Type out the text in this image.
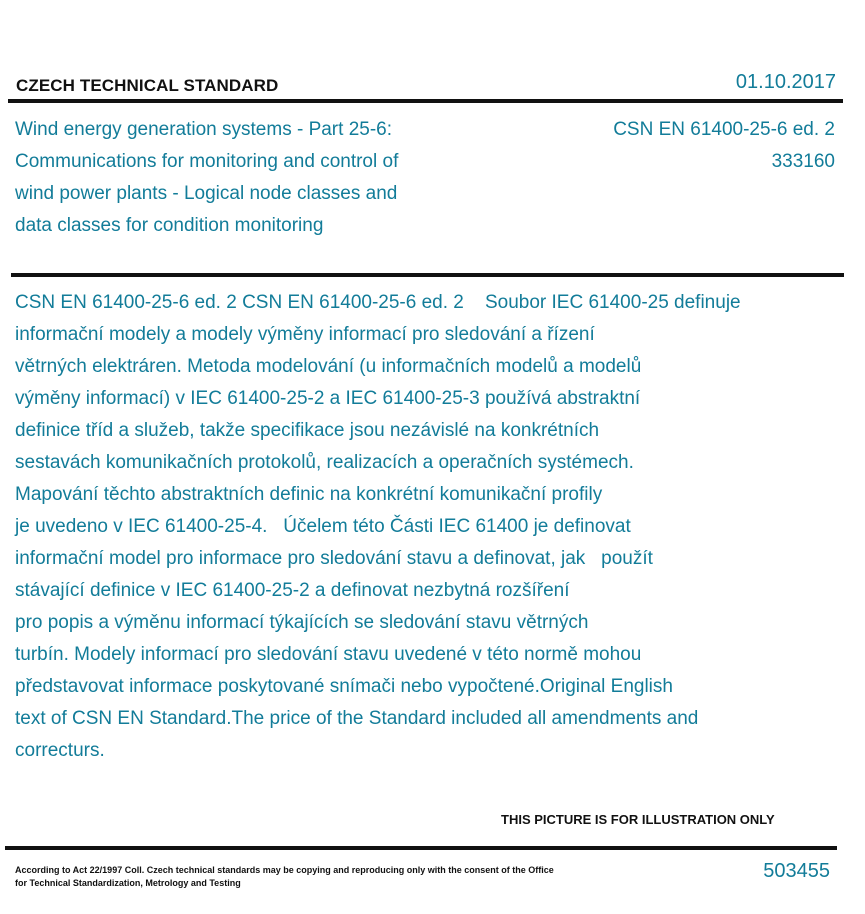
CZECH TECHNICAL STANDARD	01.10.2017
Wind energy generation systems - Part 25-6:
Communications for monitoring and control of
wind power plants - Logical node classes and
data classes for condition monitoring
CSN EN 61400-25-6 ed. 2
333160
CSN EN 61400-25-6 ed. 2 CSN EN 61400-25-6 ed. 2    Soubor IEC 61400-25 definuje
informační modely a modely výměny informací pro sledování a řízení
větrných elektráren. Metoda modelování (u informačních modelů a modelů
výměny informací) v IEC 61400-25-2 a IEC 61400-25-3 používá abstraktní
definice tříd a služeb, takže specifikace jsou nezávislé na konkrétních
sestavách komunikačních protokolů, realizacích a operačních systémech.
Mapování těchto abstraktních definic na konkrétní komunikační profily
je uvedeno v IEC 61400-25-4.   Účelem této Části IEC 61400 je definovat
informační model pro informace pro sledování stavu a definovat, jak   použít
stávající definice v IEC 61400-25-2 a definovat nezbytná rozšíření
pro popis a výměnu informací týkajících se sledování stavu větrných
turbín. Modely informací pro sledování stavu uvedené v této normě mohou
představovat informace poskytované snímači nebo vypočtené.Original English
text of CSN EN Standard.The price of the Standard included all amendments and
correcturs.
THIS PICTURE IS FOR ILLUSTRATION ONLY
According to Act 22/1997 Coll. Czech technical standards may be copying and reproducing only with the consent of the Office
for Technical Standardization, Metrology and Testing
503455
